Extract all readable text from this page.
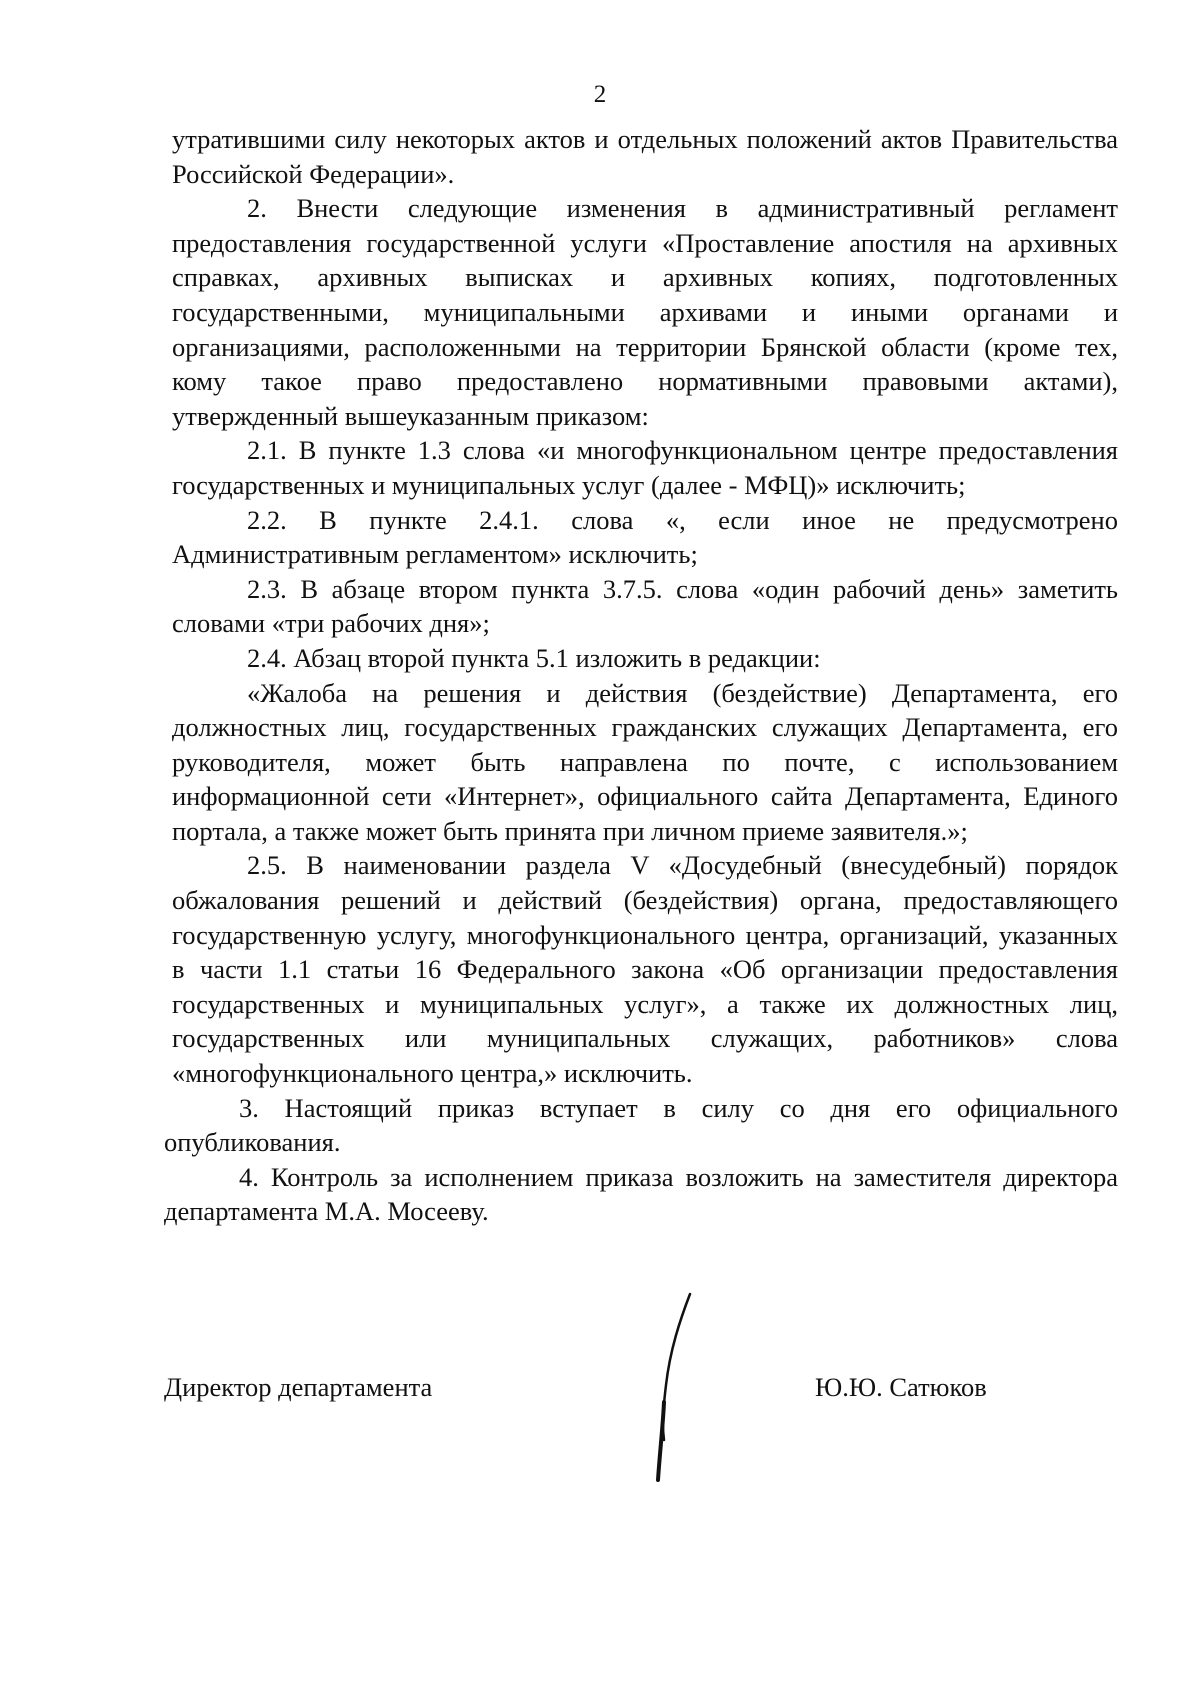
2

утратившими силу некоторых актов и отдельных положений актов Правительства Российской Федерации».

2. Внести следующие изменения в административный регламент предоставления государственной услуги «Проставление апостиля на архивных справках, архивных выписках и архивных копиях, подготовленных государственными, муниципальными архивами и иными органами и организациями, расположенными на территории Брянской области (кроме тех, кому такое право предоставлено нормативными правовыми актами), утвержденный вышеуказанным приказом:

2.1. В пункте 1.3 слова «и многофункциональном центре предоставления государственных и муниципальных услуг (далее - МФЦ)» исключить;

2.2. В пункте 2.4.1. слова «, если иное не предусмотрено Административным регламентом» исключить;

2.3. В абзаце втором пункта 3.7.5. слова «один рабочий день» заметить словами «три рабочих дня»;

2.4. Абзац второй пункта 5.1 изложить в редакции:

«Жалоба на решения и действия (бездействие) Департамента, его должностных лиц, государственных гражданских служащих Департамента, его руководителя, может быть направлена по почте, с использованием информационной сети «Интернет», официального сайта Департамента, Единого портала, а также может быть принята при личном приеме заявителя.»;

2.5. В наименовании раздела V «Досудебный (внесудебный) порядок обжалования решений и действий (бездействия) органа, предоставляющего государственную услугу, многофункционального центра, организаций, указанных в части 1.1 статьи 16 Федерального закона «Об организации предоставления государственных и муниципальных услуг», а также их должностных лиц, государственных или муниципальных служащих, работников» слова «многофункционального центра,» исключить.

3. Настоящий приказ вступает в силу со дня его официального опубликования.

4. Контроль за исполнением приказа возложить на заместителя директора департамента М.А. Мосееву.

Директор департамента	Ю.Ю. Сатюков
